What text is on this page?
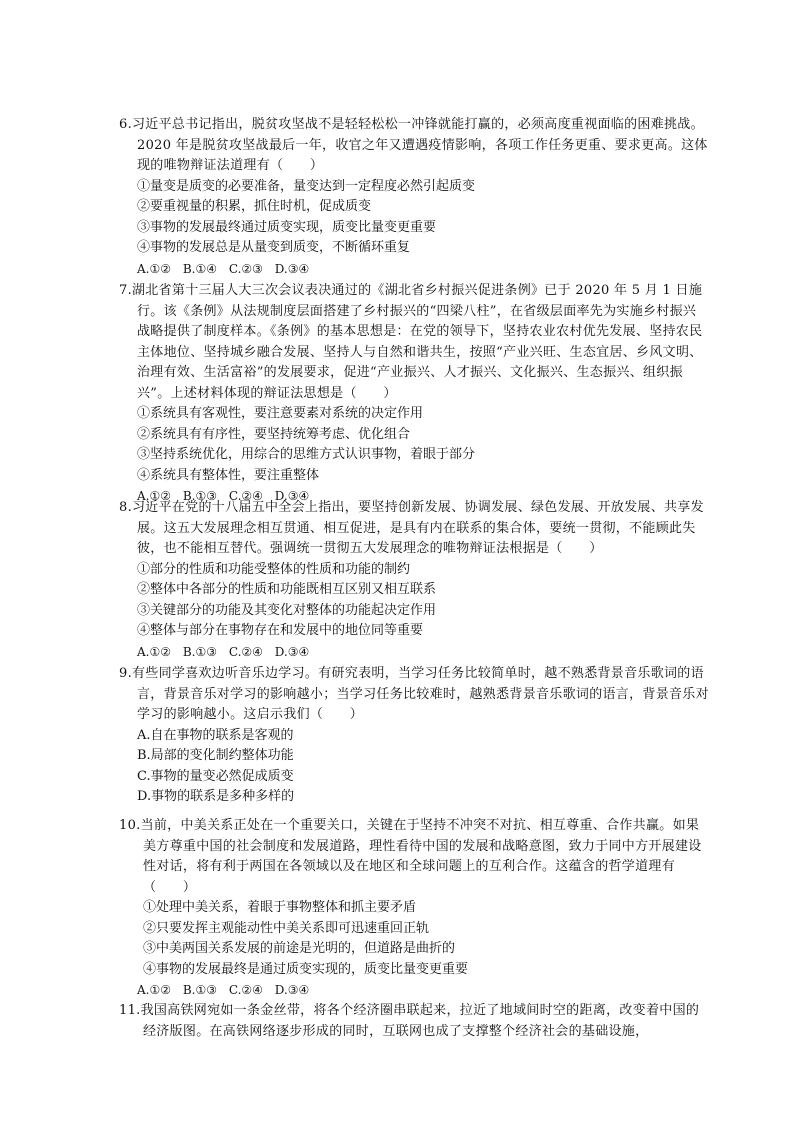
6.习近平总书记指出，脱贫攻坚战不是轻轻松松一冲锋就能打赢的，必须高度重视面临的困难挑战。2020 年是脱贫攻坚战最后一年，收官之年又遭遇疫情影响，各项工作任务更重、要求更高。这体现的唯物辩证法道理有（　　）

①量变是质变的必要准备，量变达到一定程度必然引起质变

②要重视量的积累，抓住时机，促成质变

③事物的发展最终通过质变实现，质变比量变更重要

④事物的发展总是从量变到质变，不断循环重复

A.①② B.①④ C.②③ D.③④

7.湖北省第十三届人大三次会议表决通过的《湖北省乡村振兴促进条例》已于 2020 年 5 月 1 日施行。该《条例》从法规制度层面搭建了乡村振兴的“四梁八柱”，在省级层面率先为实施乡村振兴战略提供了制度样本。《条例》的基本思想是：在党的领导下，坚持农业农村优先发展、坚持农民主体地位、坚持城乡融合发展、坚持人与自然和谐共生，按照“产业兴旺、生态宜居、乡风文明、治理有效、生活富裕”的发展要求，促进“产业振兴、人才振兴、文化振兴、生态振兴、组织振兴”。上述材料体现的辩证法思想是（　　）

①系统具有客观性，要注意要素对系统的决定作用

②系统具有有序性，要坚持统筹考虑、优化组合

③坚持系统优化，用综合的思维方式认识事物，着眼于部分

④系统具有整体性，要注重整体

A.①② B.①③ C.②④ D.③④

8.习近平在党的十八届五中全会上指出，要坚持创新发展、协调发展、绿色发展、开放发展、共享发展。这五大发展理念相互贯通、相互促进，是具有内在联系的集合体，要统一贯彻，不能顾此失彼，也不能相互替代。强调统一贯彻五大发展理念的唯物辩证法根据是（　　）

①部分的性质和功能受整体的性质和功能的制约

②整体中各部分的性质和功能既相互区别又相互联系

③关键部分的功能及其变化对整体的功能起决定作用

④整体与部分在事物存在和发展中的地位同等重要

A.①② B.①③ C.②④ D.③④

9.有些同学喜欢边听音乐边学习。有研究表明，当学习任务比较简单时，越不熟悉背景音乐歌词的语言，背景音乐对学习的影响越小；当学习任务比较难时，越熟悉背景音乐歌词的语言，背景音乐对学习的影响越小。这启示我们（　　）

A.自在事物的联系是客观的

B.局部的变化制约整体功能

C.事物的量变必然促成质变

D.事物的联系是多种多样的

10.当前，中美关系正处在一个重要关口，关键在于坚持不冲突不对抗、相互尊重、合作共赢。如果美方尊重中国的社会制度和发展道路，理性看待中国的发展和战略意图，致力于同中方开展建设性对话，将有利于两国在各领域以及在地区和全球问题上的互利合作。这蕴含的哲学道理有（　　）

①处理中美关系，着眼于事物整体和抓主要矛盾

②只要发挥主观能动性中美关系即可迅速重回正轨

③中美两国关系发展的前途是光明的，但道路是曲折的

④事物的发展最终是通过质变实现的，质变比量变更重要

A.①② B.①③ C.②④ D.③④

11.我国高铁网宛如一条金丝带，将各个经济圈串联起来，拉近了地域间时空的距离，改变着中国的经济版图。在高铁网络逐步形成的同时，互联网也成了支撑整个经济社会的基础设施，
